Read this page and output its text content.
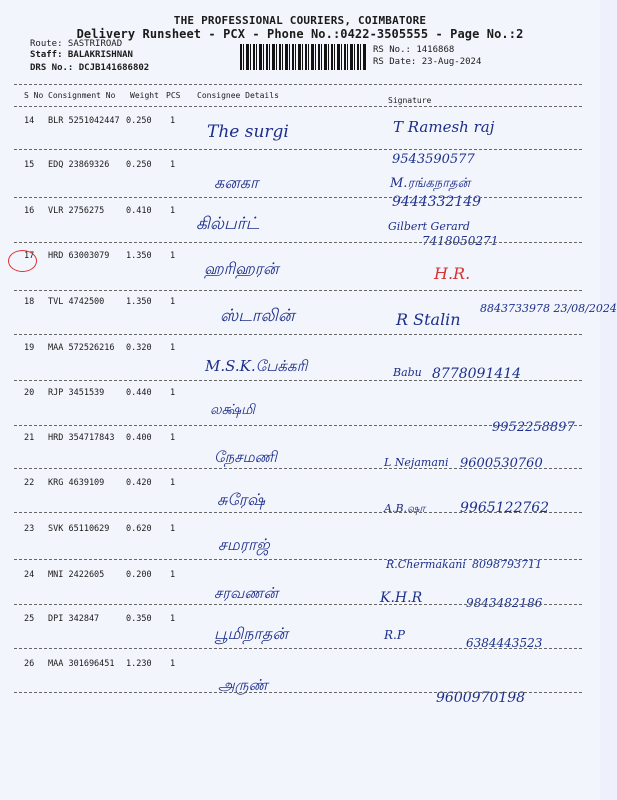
THE PROFESSIONAL COURIERS, COIMBATORE
Delivery Runsheet - PCX - Phone No.:0422-3505555 - Page No.:2
Route: SASTRIROAD
Staff: BALAKRISHNAN
DRS No.: DCJB141686802
RS No.: 1416868
RS Date: 23-Aug-2024
S No Consignment No Weight PCS Consignee Details
Signature
14 BLR 5251042447 0.250 1
The surgi	T Ramesh raj
9543590577
15 EDQ 23869326 0.250 1
கனகா	M.ரங்கநாதன்
9444332149
16 VLR 2756275	0.410 1
கில்பர்ட்	Gilbert Gerard
7418050271
17 HRD 63003079 1.350 1
ஹரிஹரன்	H.R.
18 TVL 4742500	1.350 1
ஸ்டாலின்	R Stalin
8843733978 23/08/2024
19 MAA 572526216 0.320 1
M.S.K.பேக்கரி	Babu 8778091414
20 RJP 3451539	0.440 1
லக்ஷ்மி
9952258897
21 HRD 354717843 0.400 1
நேசமணி	L Nejamani 9600530760
22 KRG 4639109	0.420 1
சுரேஷ்	A.B.ஷா 9965122762
23 SVK 65110629 0.620 1
சமராஜ்
R.Chermakani 8098793711
24 MNI 2422605	0.200 1
சரவணன்	K.H.R	9843482186
25 DPI 342847	0.350 1
பூமிநாதன்	R.P
6384443523
26 MAA 301696451 1.230 1
அருண்
9600970198
